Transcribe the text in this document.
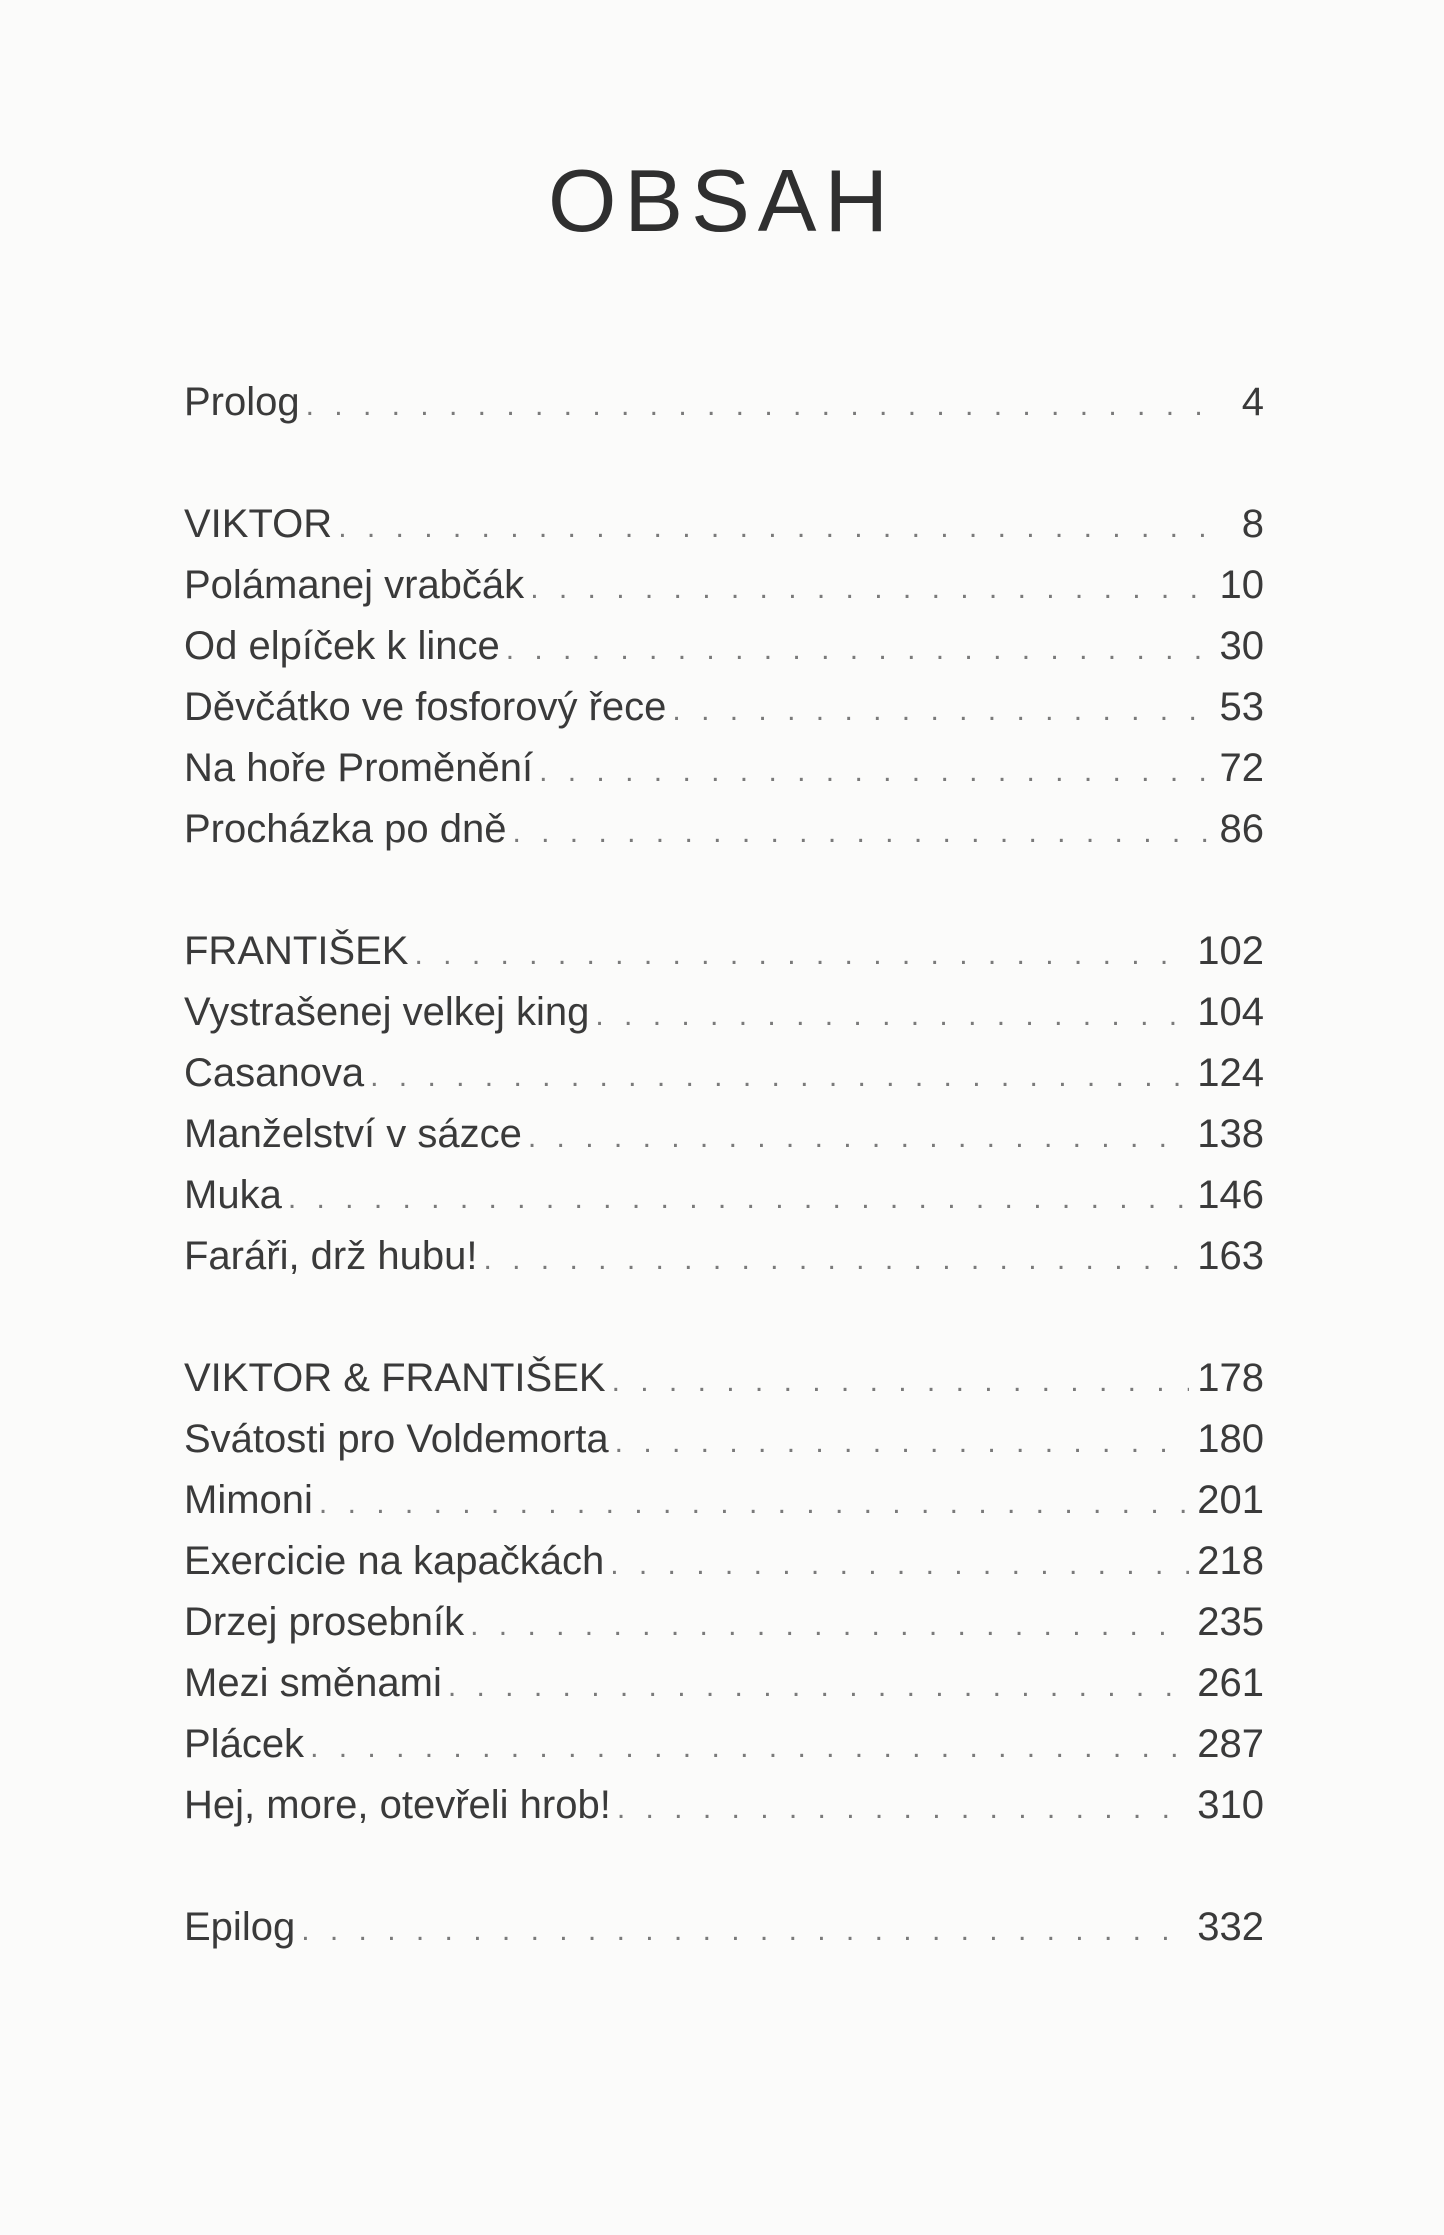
OBSAH
Prolog . . .	4
VIKTOR . . .	8
Polámanej vrabčák . . .	10
Od elpíček k lince . . .	30
Děvčátko ve fosforový řece . . .	53
Na hoře Proměnění . . .	72
Procházka po dně . . .	86
FRANTIŠEK . . .	102
Vystrašenej velkej king . . .	104
Casanova . . .	124
Manželství v sázce . . .	138
Muka . . .	146
Faráři, drž hubu! . . .	163
VIKTOR & FRANTIŠEK . . .	178
Svátosti pro Voldemorta . . .	180
Mimoni . . .	201
Exercicie na kapačkách . . .	218
Drzej prosebník . . .	235
Mezi směnami . . .	261
Plácek . . .	287
Hej, more, otevřeli hrob! . . .	310
Epilog . . .	332
